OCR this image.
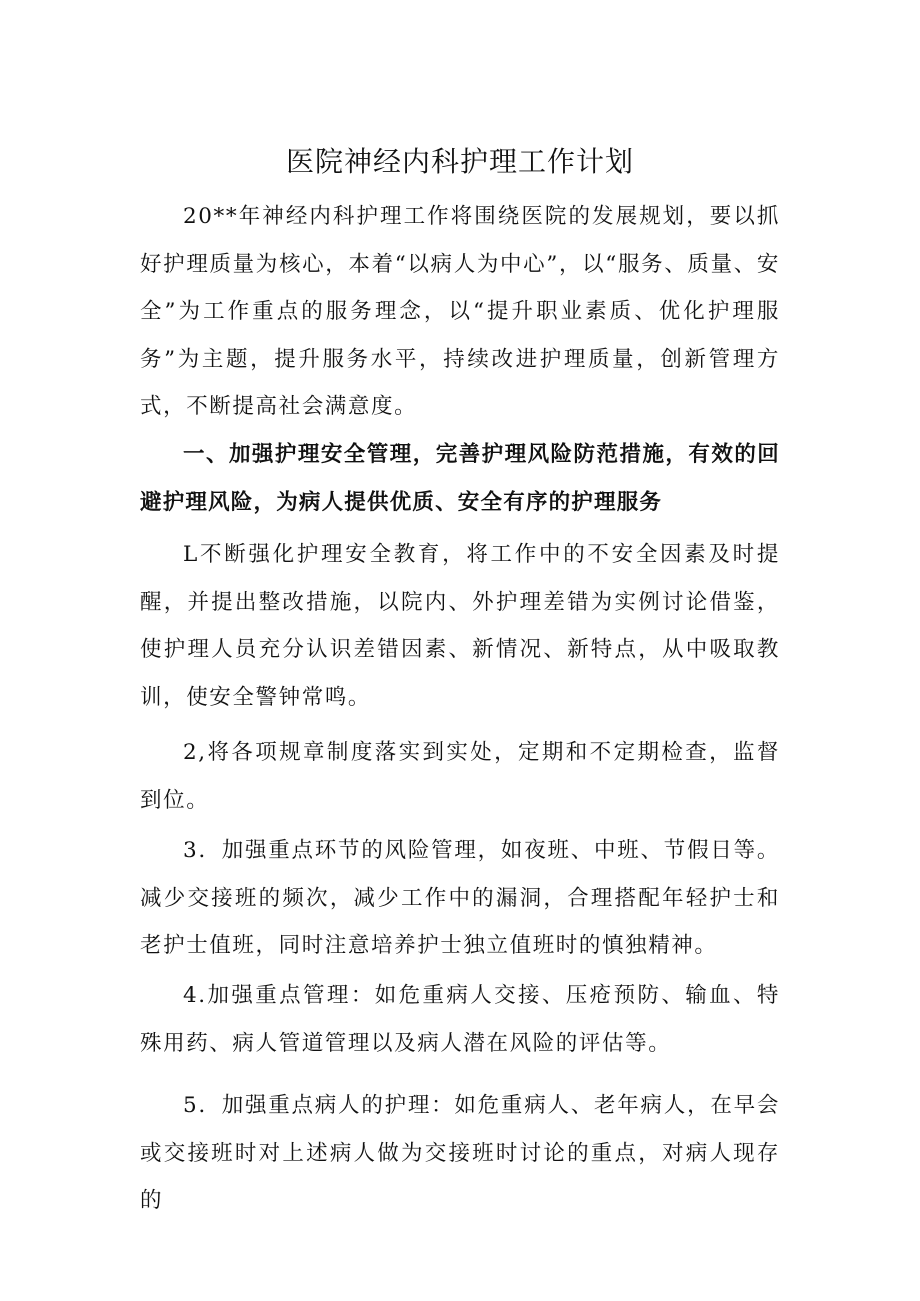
医院神经内科护理工作计划

20**年神经内科护理工作将围绕医院的发展规划，要以抓好护理质量为核心，本着“以病人为中心”，以“服务、质量、安全”为工作重点的服务理念，以“提升职业素质、优化护理服务”为主题，提升服务水平，持续改进护理质量，创新管理方式，不断提高社会满意度。

一、加强护理安全管理，完善护理风险防范措施，有效的回避护理风险，为病人提供优质、安全有序的护理服务

L不断强化护理安全教育，将工作中的不安全因素及时提醒，并提出整改措施，以院内、外护理差错为实例讨论借鉴，使护理人员充分认识差错因素、新情况、新特点，从中吸取教训，使安全警钟常鸣。

2,将各项规章制度落实到实处，定期和不定期检查，监督到位。

3．加强重点环节的风险管理，如夜班、中班、节假日等。减少交接班的频次，减少工作中的漏洞，合理搭配年轻护士和老护士值班，同时注意培养护士独立值班时的慎独精神。

4.加强重点管理：如危重病人交接、压疮预防、输血、特殊用药、病人管道管理以及病人潜在风险的评估等。

5．加强重点病人的护理：如危重病人、老年病人，在早会或交接班时对上述病人做为交接班时讨论的重点，对病人现存的
